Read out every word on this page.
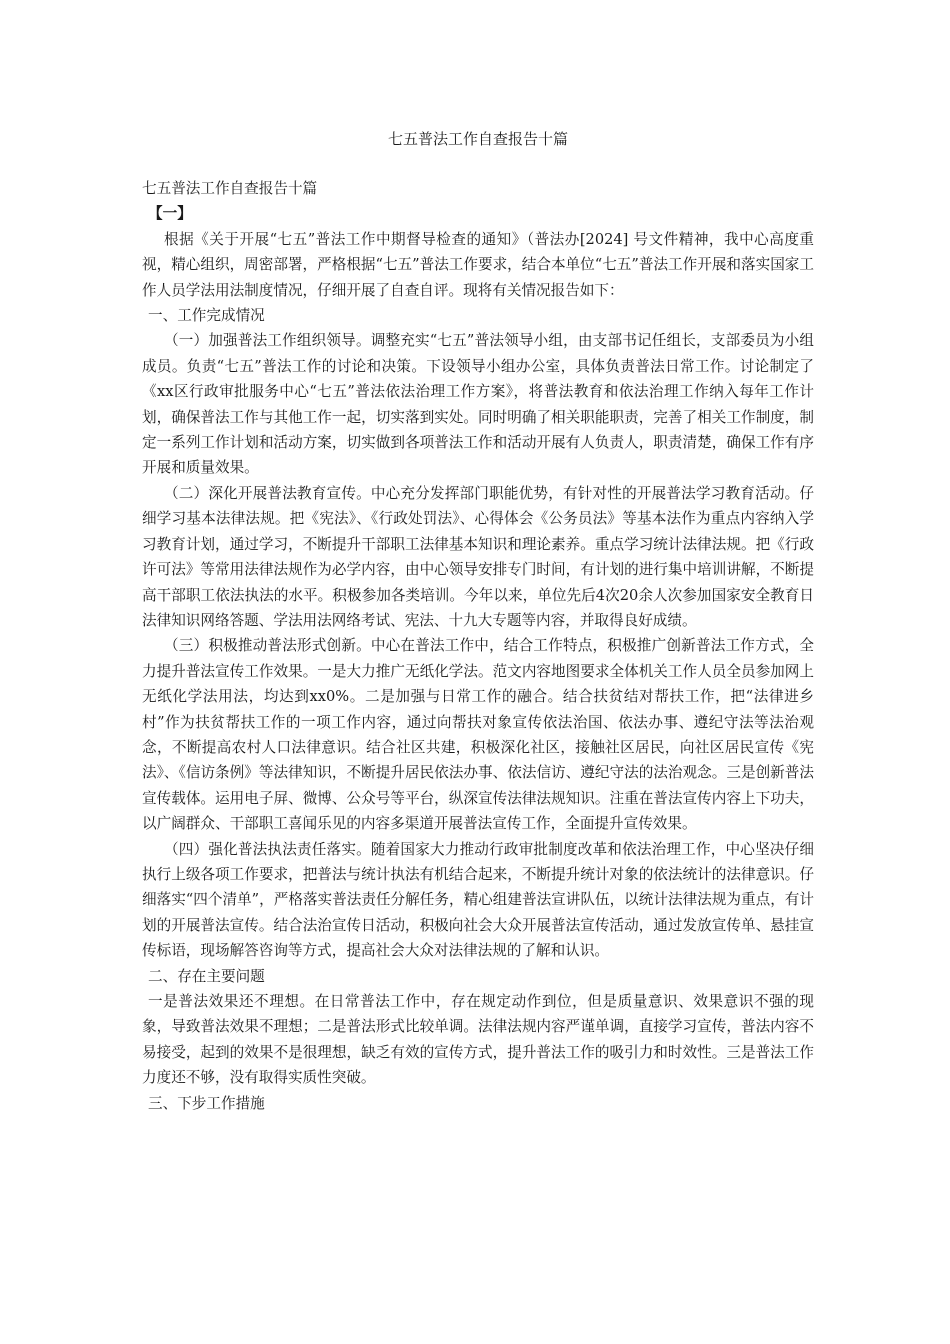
七五普法工作自查报告十篇

七五普法工作自查报告十篇

【一】

根据《关于开展“七五”普法工作中期督导检查的通知》（普法办[2024] 号文件精神，我中心高度重视，精心组织，周密部署，严格根据“七五”普法工作要求，结合本单位“七五”普法工作开展和落实国家工作人员学法用法制度情况，仔细开展了自查自评。现将有关情况报告如下：

一、工作完成情况

（一）加强普法工作组织领导。调整充实“七五”普法领导小组，由支部书记任组长，支部委员为小组成员。负责“七五”普法工作的讨论和决策。下设领导小组办公室，具体负责普法日常工作。讨论制定了《xx区行政审批服务中心“七五”普法依法治理工作方案》，将普法教育和依法治理工作纳入每年工作计划，确保普法工作与其他工作一起，切实落到实处。同时明确了相关职能职责，完善了相关工作制度，制定一系列工作计划和活动方案，切实做到各项普法工作和活动开展有人负责人，职责清楚，确保工作有序开展和质量效果。

（二）深化开展普法教育宣传。中心充分发挥部门职能优势，有针对性的开展普法学习教育活动。仔细学习基本法律法规。把《宪法》、《行政处罚法》、心得体会《公务员法》等基本法作为重点内容纳入学习教育计划，通过学习，不断提升干部职工法律基本知识和理论素养。重点学习统计法律法规。把《行政许可法》等常用法律法规作为必学内容，由中心领导安排专门时间，有计划的进行集中培训讲解，不断提高干部职工依法执法的水平。积极参加各类培训。今年以来，单位先后4次20余人次参加国家安全教育日法律知识网络答题、学法用法网络考试、宪法、十九大专题等内容，并取得良好成绩。

（三）积极推动普法形式创新。中心在普法工作中，结合工作特点，积极推广创新普法工作方式，全力提升普法宣传工作效果。一是大力推广无纸化学法。范文内容地图要求全体机关工作人员全员参加网上无纸化学法用法，均达到xx0%。二是加强与日常工作的融合。结合扶贫结对帮扶工作，把“法律进乡村”作为扶贫帮扶工作的一项工作内容，通过向帮扶对象宣传依法治国、依法办事、遵纪守法等法治观念，不断提高农村人口法律意识。结合社区共建，积极深化社区，接触社区居民，向社区居民宣传《宪法》、《信访条例》等法律知识，不断提升居民依法办事、依法信访、遵纪守法的法治观念。三是创新普法宣传载体。运用电子屏、微博、公众号等平台，纵深宣传法律法规知识。注重在普法宣传内容上下功夫，以广阔群众、干部职工喜闻乐见的内容多渠道开展普法宣传工作，全面提升宣传效果。

（四）强化普法执法责任落实。随着国家大力推动行政审批制度改革和依法治理工作，中心坚决仔细执行上级各项工作要求，把普法与统计执法有机结合起来，不断提升统计对象的依法统计的法律意识。仔细落实“四个清单”，严格落实普法责任分解任务，精心组建普法宣讲队伍，以统计法律法规为重点，有计划的开展普法宣传。结合法治宣传日活动，积极向社会大众开展普法宣传活动，通过发放宣传单、悬挂宣传标语，现场解答咨询等方式，提高社会大众对法律法规的了解和认识。

二、存在主要问题

一是普法效果还不理想。在日常普法工作中，存在规定动作到位，但是质量意识、效果意识不强的现象，导致普法效果不理想；二是普法形式比较单调。法律法规内容严谨单调，直接学习宣传，普法内容不易接受，起到的效果不是很理想，缺乏有效的宣传方式，提升普法工作的吸引力和时效性。三是普法工作力度还不够，没有取得实质性突破。

三、下步工作措施
